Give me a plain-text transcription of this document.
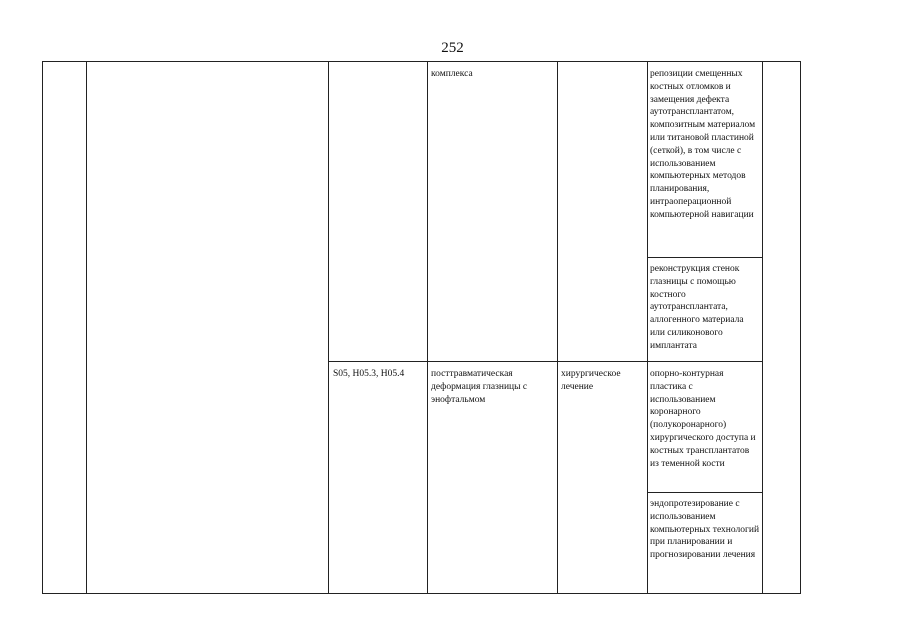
252
комплекса	репозиции смещенных костных отломков и замещения дефекта аутотрансплантатом, композитным материалом или титановой пластиной (сеткой), в том числе с использованием компьютерных методов планирования, интраоперационной компьютерной навигации
реконструкция стенок глазницы с помощью костного аутотрансплантата, аллогенного материала или силиконового имплантата
S05, H05.3, H05.4	посттравматическая деформация глазницы с энофтальмом
хирургическое лечение
опорно-контурная пластика с использованием коронарного (полукоронарного) хирургического доступа и костных трансплантатов из теменной кости
эндопротезирование с использованием компьютерных технологий при планировании и прогнозировании лечения
